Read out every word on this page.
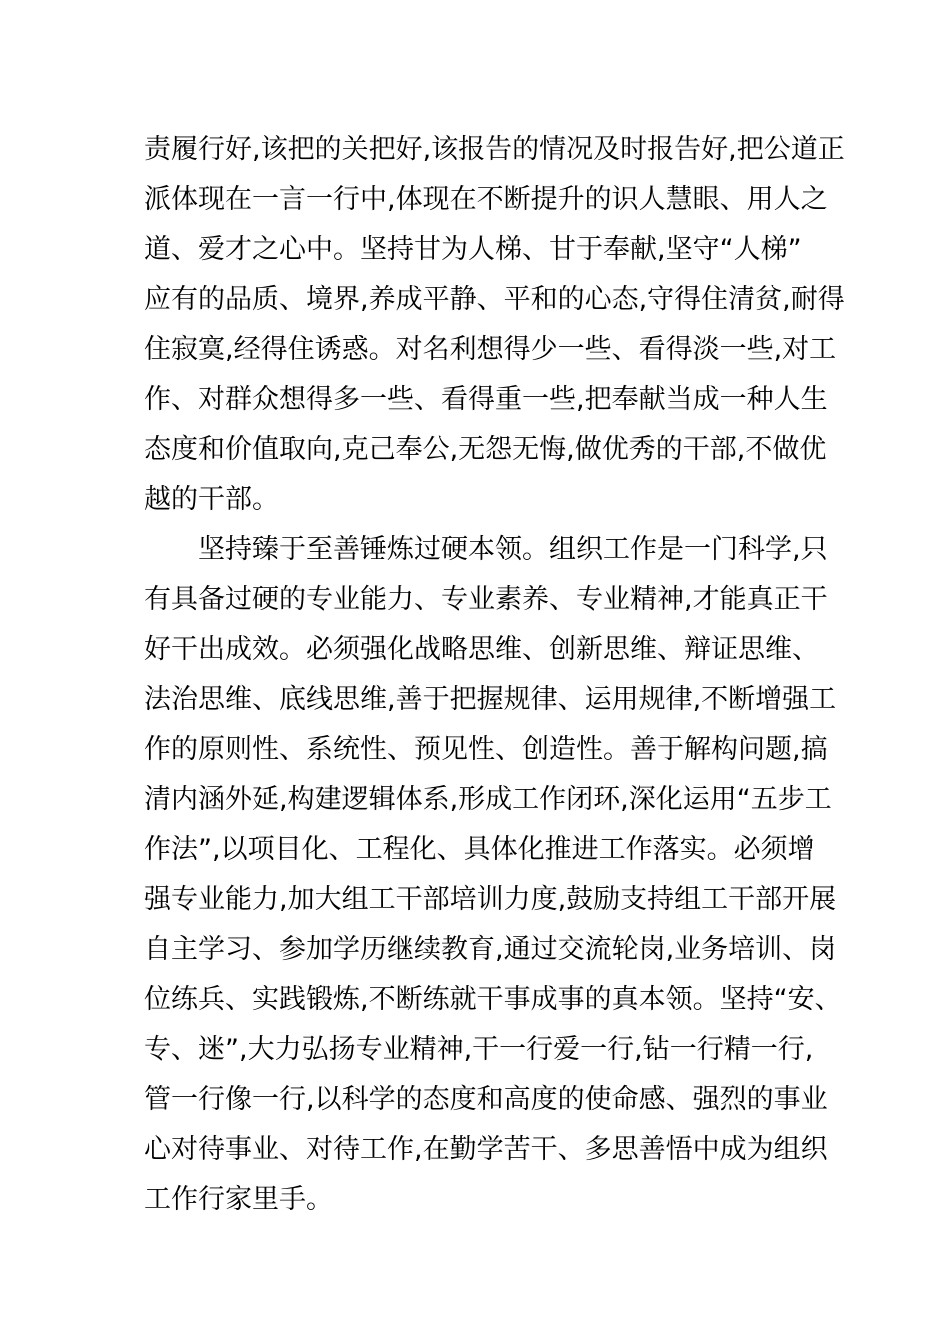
责履行好,该把的关把好,该报告的情况及时报告好,把公道正
派体现在一言一行中,体现在不断提升的识人慧眼、用人之
道、爱才之心中。坚持甘为人梯、甘于奉献,坚守“人梯”
应有的品质、境界,养成平静、平和的心态,守得住清贫,耐得
住寂寞,经得住诱惑。对名利想得少一些、看得淡一些,对工
作、对群众想得多一些、看得重一些,把奉献当成一种人生
态度和价值取向,克己奉公,无怨无悔,做优秀的干部,不做优
越的干部。
坚持臻于至善锤炼过硬本领。组织工作是一门科学,只
有具备过硬的专业能力、专业素养、专业精神,才能真正干
好干出成效。必须强化战略思维、创新思维、辩证思维、
法治思维、底线思维,善于把握规律、运用规律,不断增强工
作的原则性、系统性、预见性、创造性。善于解构问题,搞
清内涵外延,构建逻辑体系,形成工作闭环,深化运用“五步工
作法”,以项目化、工程化、具体化推进工作落实。必须增
强专业能力,加大组工干部培训力度,鼓励支持组工干部开展
自主学习、参加学历继续教育,通过交流轮岗,业务培训、岗
位练兵、实践锻炼,不断练就干事成事的真本领。坚持“安、
专、迷”,大力弘扬专业精神,干一行爱一行,钻一行精一行,
管一行像一行,以科学的态度和高度的使命感、强烈的事业
心对待事业、对待工作,在勤学苦干、多思善悟中成为组织
工作行家里手。
